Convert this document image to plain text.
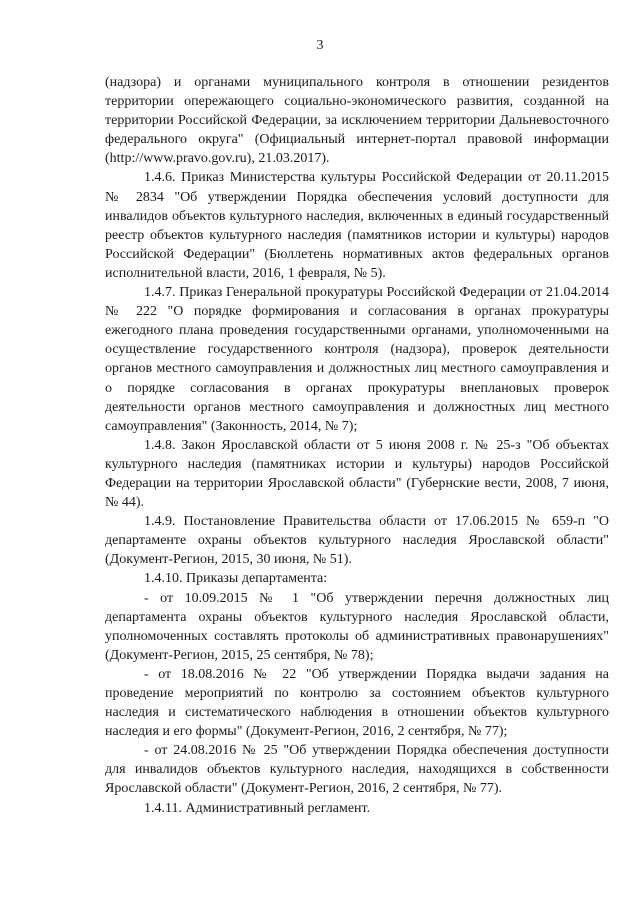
3

(надзора) и органами муниципального контроля в отношении резидентов территории опережающего социально-экономического развития, созданной на территории Российской Федерации, за исключением территории Дальневосточного федерального округа" (Официальный интернет-портал правовой информации (http://www.pravo.gov.ru), 21.03.2017).

1.4.6. Приказ Министерства культуры Российской Федерации от 20.11.2015 № 2834 "Об утверждении Порядка обеспечения условий доступности для инвалидов объектов культурного наследия, включенных в единый государственный реестр объектов культурного наследия (памятников истории и культуры) народов Российской Федерации" (Бюллетень нормативных актов федеральных органов исполнительной власти, 2016, 1 февраля, № 5).

1.4.7. Приказ Генеральной прокуратуры Российской Федерации от 21.04.2014 № 222 "О порядке формирования и согласования в органах прокуратуры ежегодного плана проведения государственными органами, уполномоченными на осуществление государственного контроля (надзора), проверок деятельности органов местного самоуправления и должностных лиц местного самоуправления и о порядке согласования в органах прокуратуры внеплановых проверок деятельности органов местного самоуправления и должностных лиц местного самоуправления" (Законность, 2014, № 7);

1.4.8. Закон Ярославской области от 5 июня 2008 г. № 25-з "Об объектах культурного наследия (памятниках истории и культуры) народов Российской Федерации на территории Ярославской области" (Губернские вести, 2008, 7 июня, № 44).

1.4.9. Постановление Правительства области от 17.06.2015 № 659-п "О департаменте охраны объектов культурного наследия Ярославской области" (Документ-Регион, 2015, 30 июня, № 51).

1.4.10. Приказы департамента:

- от 10.09.2015 № 1 "Об утверждении перечня должностных лиц департамента охраны объектов культурного наследия Ярославской области, уполномоченных составлять протоколы об административных правонарушениях" (Документ-Регион, 2015, 25 сентября, № 78);

- от 18.08.2016 № 22 "Об утверждении Порядка выдачи задания на проведение мероприятий по контролю за состоянием объектов культурного наследия и систематического наблюдения в отношении объектов культурного наследия и его формы" (Документ-Регион, 2016, 2 сентября, № 77);

- от 24.08.2016 № 25 "Об утверждении Порядка обеспечения доступности для инвалидов объектов культурного наследия, находящихся в собственности Ярославской области" (Документ-Регион, 2016, 2 сентября, № 77).

1.4.11. Административный регламент.
